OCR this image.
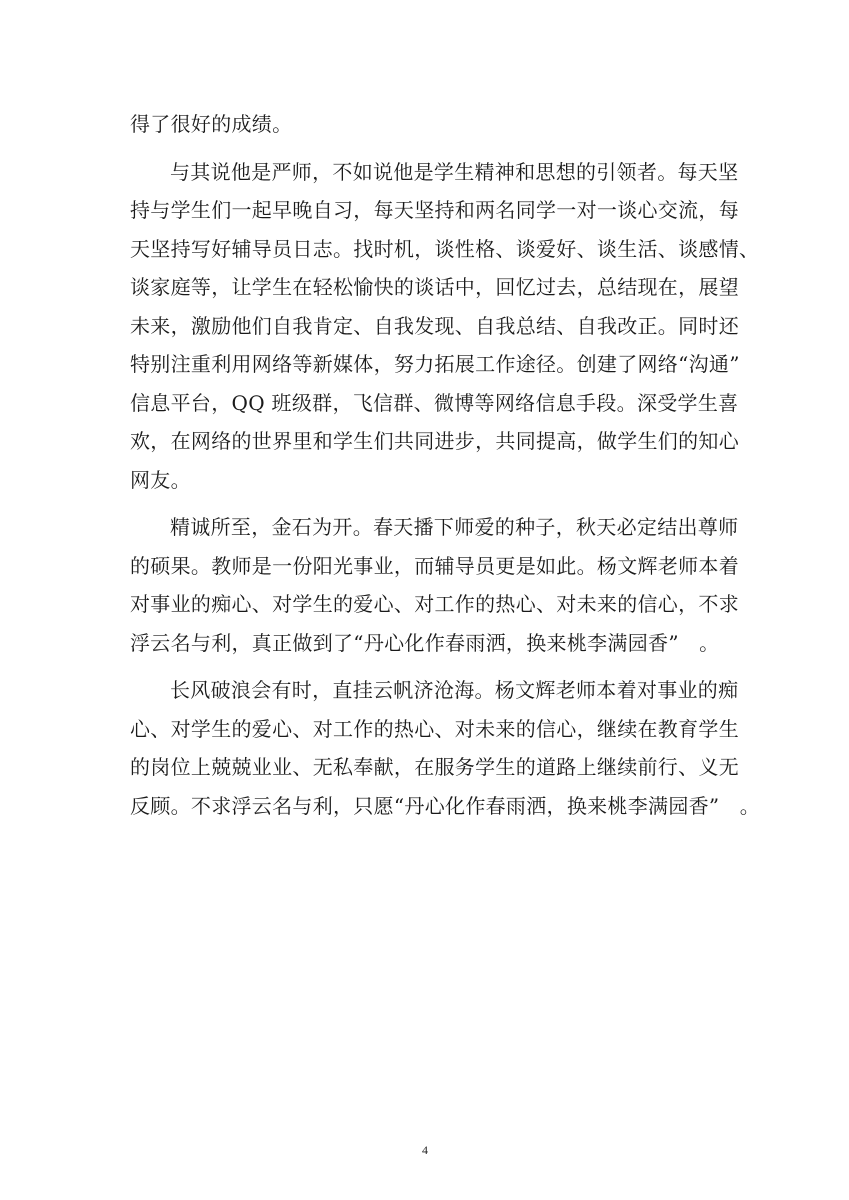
得了很好的成绩。
与其说他是严师，不如说他是学生精神和思想的引领者。每天坚
持与学生们一起早晚自习，每天坚持和两名同学一对一谈心交流，每
天坚持写好辅导员日志。找时机，谈性格、谈爱好、谈生活、谈感情、
谈家庭等，让学生在轻松愉快的谈话中，回忆过去，总结现在，展望
未来，激励他们自我肯定、自我发现、自我总结、自我改正。同时还
特别注重利用网络等新媒体，努力拓展工作途径。创建了网络“沟通”
信息平台，QQ 班级群，飞信群、微博等网络信息手段。深受学生喜
欢，在网络的世界里和学生们共同进步，共同提高，做学生们的知心
网友。
精诚所至，金石为开。春天播下师爱的种子，秋天必定结出尊师
的硕果。教师是一份阳光事业，而辅导员更是如此。杨文辉老师本着
对事业的痴心、对学生的爱心、对工作的热心、对未来的信心，不求
浮云名与利，真正做到了“丹心化作春雨洒，换来桃李满园香”　。
长风破浪会有时，直挂云帆济沧海。杨文辉老师本着对事业的痴
心、对学生的爱心、对工作的热心、对未来的信心，继续在教育学生
的岗位上兢兢业业、无私奉献，在服务学生的道路上继续前行、义无
反顾。不求浮云名与利，只愿“丹心化作春雨洒，换来桃李满园香”　。
4
